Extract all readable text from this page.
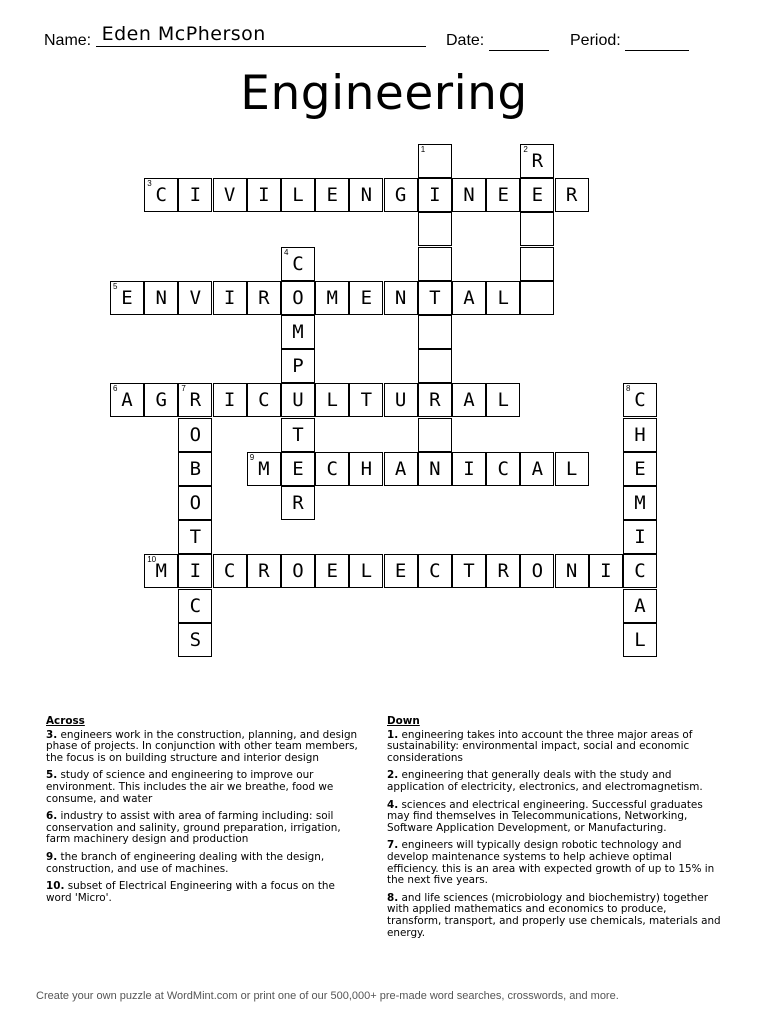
Name: Eden McPherson	Date:	Period:
Engineering
1
I
T
R
2
R
E
3
C	I	V	I	L	E	N	G	N	E	R
4
C
O
M
P
U
T
E
R
5
E	N	V	I	R	M	E	N	A	L
6
A	G
7
R	I	C	L	T	U	A	L
O
B
O
T
I
C
S
8
C
H
E
M
I
C
A
L
9
M	C	H	A	N	I	C	A	L
10
M	C	R	O	E	L	E	C	T	R	O	N	I
Across
3. engineers work in the construction, planning, and design phase of projects. In conjunction with other team members, the focus is on building structure and interior design
5. study of science and engineering to improve our environment. This includes the air we breathe, food we consume, and water
6. industry to assist with area of farming including: soil conservation and salinity, ground preparation, irrigation, farm machinery design and production
9. the branch of engineering dealing with the design, construction, and use of machines.
10. subset of Electrical Engineering with a focus on the word 'Micro'.
Down
1. engineering takes into account the three major areas of sustainability: environmental impact, social and economic considerations
2. engineering that generally deals with the study and application of electricity, electronics, and electromagnetism.
4. sciences and electrical engineering. Successful graduates may find themselves in Telecommunications, Networking, Software Application Development, or Manufacturing.
7. engineers will typically design robotic technology and develop maintenance systems to help achieve optimal efficiency. this is an area with expected growth of up to 15% in the next five years.
8. and life sciences (microbiology and biochemistry) together with applied mathematics and economics to produce, transform, transport, and properly use chemicals, materials and energy.
Create your own puzzle at WordMint.com or print one of our 500,000+ pre-made word searches, crosswords, and more.
